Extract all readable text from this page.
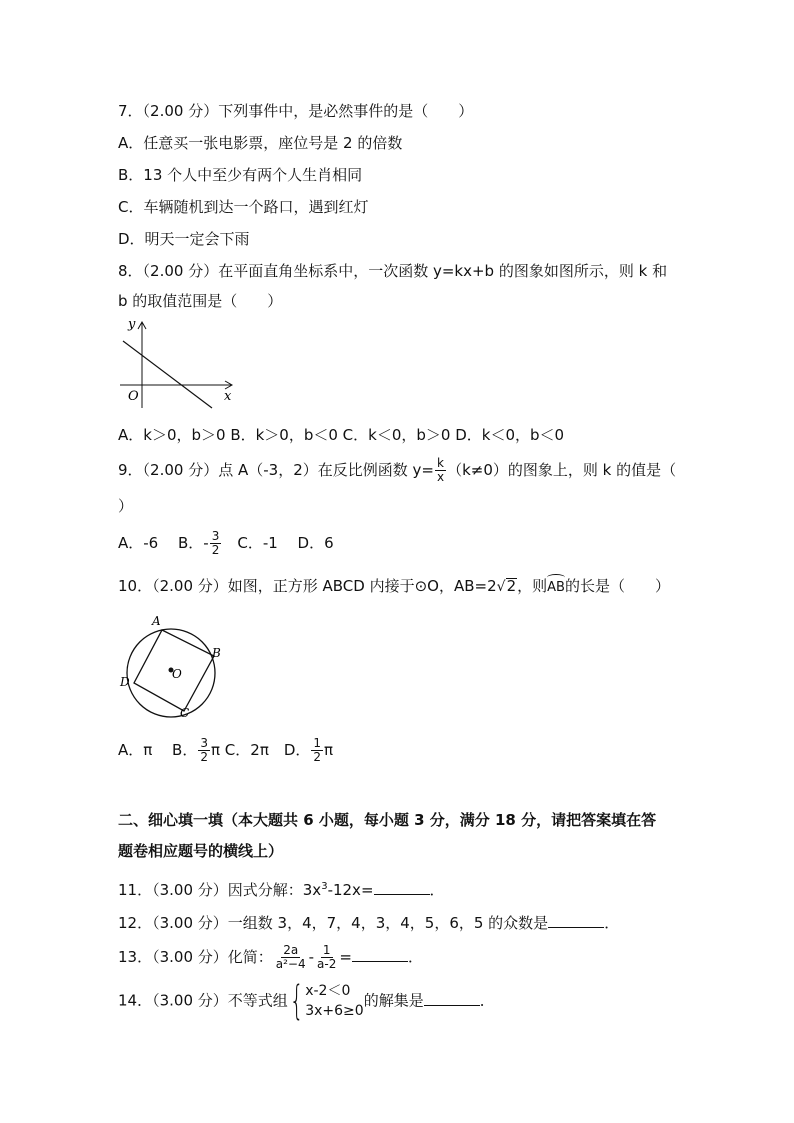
7．（2.00 分）下列事件中，是必然事件的是（　　）
A．任意买一张电影票，座位号是 2 的倍数
B．13 个人中至少有两个人生肖相同
C．车辆随机到达一个路口，遇到红灯
D．明天一定会下雨
8．（2.00 分）在平面直角坐标系中，一次函数 y=kx+b 的图象如图所示，则 k 和
b 的取值范围是（　　）
y
x
O
A．k＞0，b＞0 B．k＞0，b＜0 C．k＜0，b＞0 D．k＜0，b＜0
9．（2.00 分）点 A（-3，2）在反比例函数 $y= \frac{k}{x} (k\ne 0)$的图象上，则 k 的值是（
）
A．-6　 B．- $\frac{3}{2}$ 　C．-1　 D．6
10．（2.00 分）如图，正方形 ABCD 内接于⊙O，AB=2√2，则AB的长是（　　）
A
B
C
D
O
A．π　 B． $\frac{3}{2}$ π C．2π　D． $\frac{1}{2}$ π
二、细心填一填（本大题共 6 小题，每小题 3 分，满分 18 分，请把答案填在答
题卷相应题号的横线上）
11．（3.00 分）因式分解：$3x^3-12x=$	．
12．（3.00 分）一组数 3，4，7，4，3，4，5，6，5 的众数是	．
13．（3.00 分）化简： $\frac{2a}{\text{a²−4}} - \frac{1}{a-2}$ =	．
14．（3.00 分）不等式组 { x-2＜0
3x+6≥0
的解集是	．
